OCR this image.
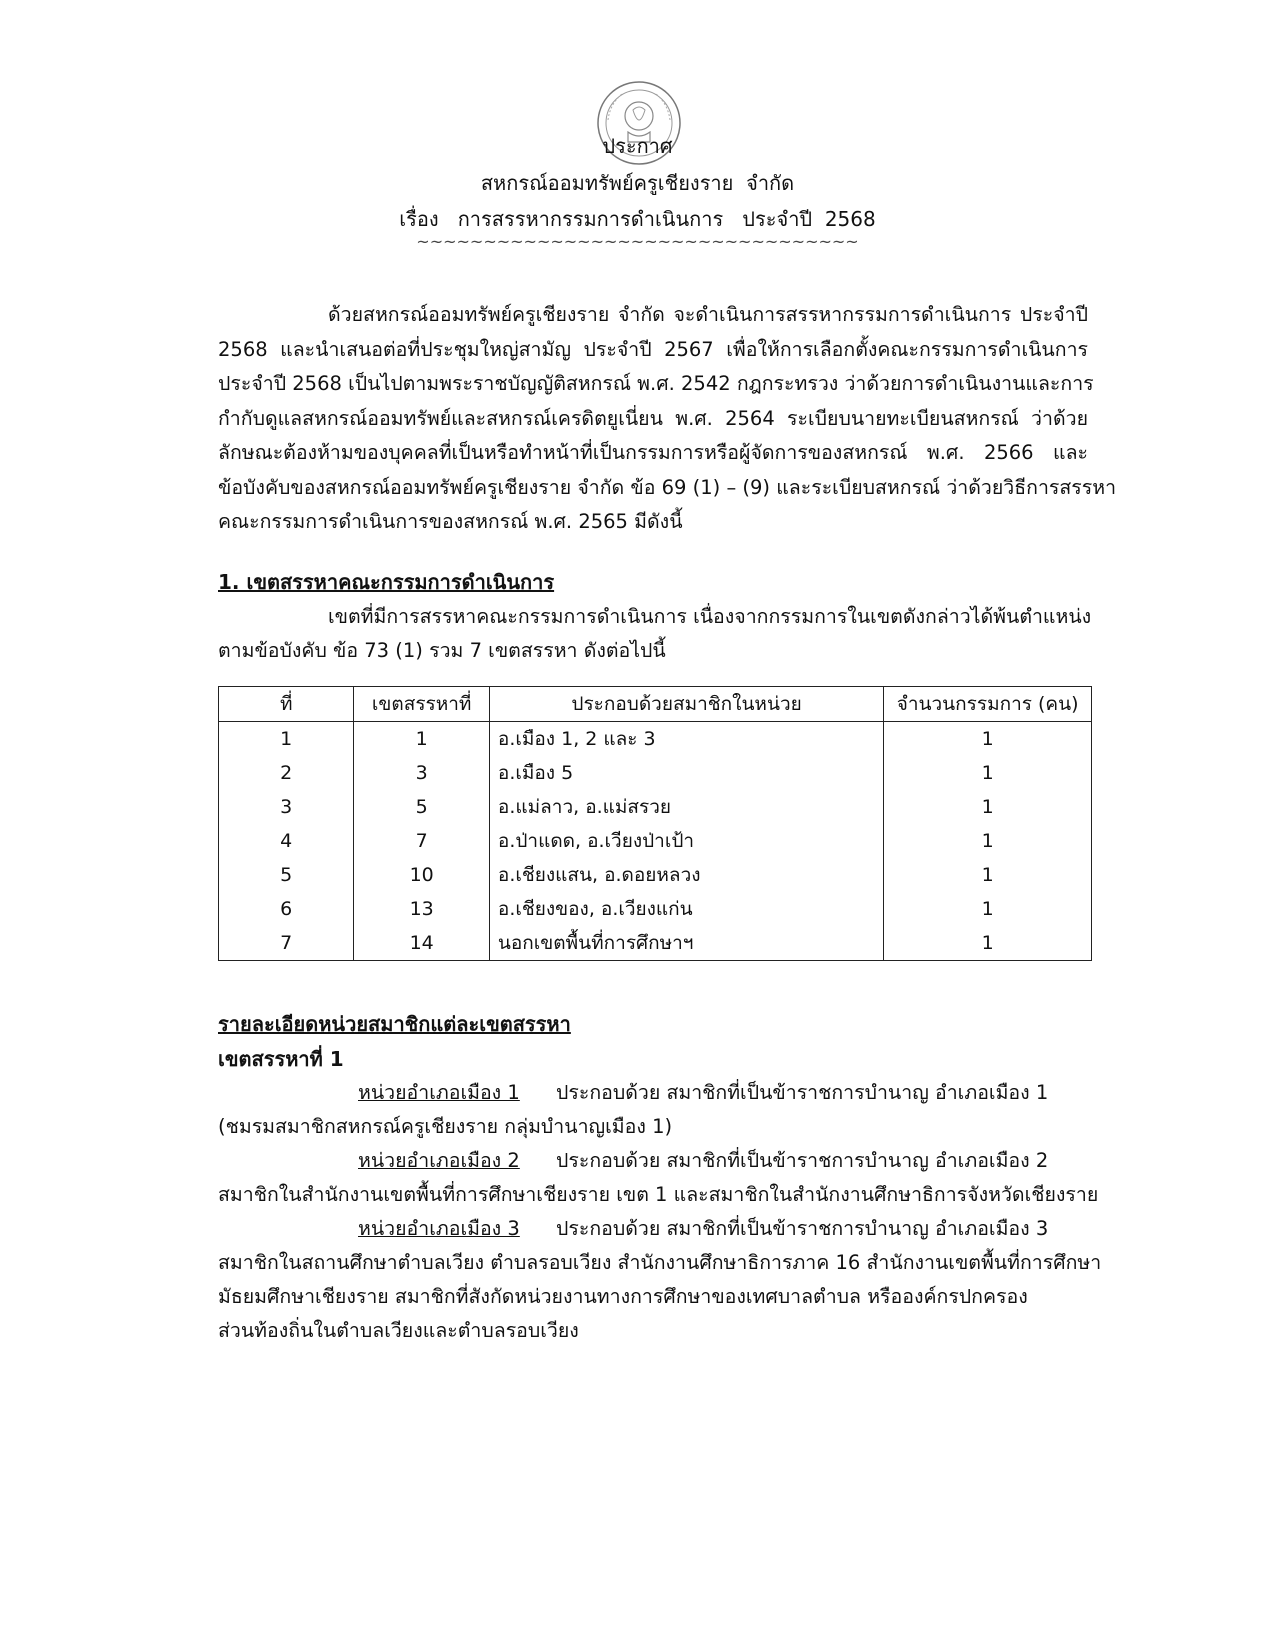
ประกาศ
สหกรณ์ออมทรัพย์ครูเชียงราย  จำกัด
เรื่อง   การสรรหากรรมการดำเนินการ   ประจำปี  2568
~~~~~~~~~~~~~~~~~~~~~~~~~~~~~~~~~
ด้วยสหกรณ์ออมทรัพย์ครูเชียงราย จำกัด จะดำเนินการสรรหากรรมการดำเนินการ ประจำปี
2568 และนำเสนอต่อที่ประชุมใหญ่สามัญ ประจำปี 2567 เพื่อให้การเลือกตั้งคณะกรรมการดำเนินการ
ประจำปี 2568 เป็นไปตามพระราชบัญญัติสหกรณ์ พ.ศ. 2542 กฎกระทรวง ว่าด้วยการดำเนินงานและการ
กำกับดูแลสหกรณ์ออมทรัพย์และสหกรณ์เครดิตยูเนี่ยน พ.ศ. 2564 ระเบียบนายทะเบียนสหกรณ์ ว่าด้วย
ลักษณะต้องห้ามของบุคคลที่เป็นหรือทำหน้าที่เป็นกรรมการหรือผู้จัดการของสหกรณ์ พ.ศ. 2566 และ
ข้อบังคับของสหกรณ์ออมทรัพย์ครูเชียงราย จำกัด ข้อ 69 (1) – (9) และระเบียบสหกรณ์ ว่าด้วยวิธีการสรรหา
คณะกรรมการดำเนินการของสหกรณ์ พ.ศ. 2565 มีดังนี้
1. เขตสรรหาคณะกรรมการดำเนินการ
เขตที่มีการสรรหาคณะกรรมการดำเนินการ เนื่องจากกรรมการในเขตดังกล่าวได้พ้นตำแหน่ง
ตามข้อบังคับ ข้อ 73 (1) รวม 7 เขตสรรหา ดังต่อไปนี้
ที่	เขตสรรหาที่	ประกอบด้วยสมาชิกในหน่วย	จำนวนกรรมการ (คน)
1	1	อ.เมือง 1, 2 และ 3	1
2	3	อ.เมือง 5	1
3	5	อ.แม่ลาว, อ.แม่สรวย	1
4	7	อ.ป่าแดด, อ.เวียงป่าเป้า	1
5	10	อ.เชียงแสน, อ.ดอยหลวง	1
6	13	อ.เชียงของ, อ.เวียงแก่น	1
7	14	นอกเขตพื้นที่การศึกษาฯ	1
รายละเอียดหน่วยสมาชิกแต่ละเขตสรรหา
เขตสรรหาที่ 1
หน่วยอำเภอเมือง 1 ประกอบด้วย สมาชิกที่เป็นข้าราชการบำนาญ อำเภอเมือง 1
(ชมรมสมาชิกสหกรณ์ครูเชียงราย กลุ่มบำนาญเมือง 1)
หน่วยอำเภอเมือง 2 ประกอบด้วย สมาชิกที่เป็นข้าราชการบำนาญ อำเภอเมือง 2
สมาชิกในสำนักงานเขตพื้นที่การศึกษาเชียงราย เขต 1 และสมาชิกในสำนักงานศึกษาธิการจังหวัดเชียงราย
หน่วยอำเภอเมือง 3 ประกอบด้วย สมาชิกที่เป็นข้าราชการบำนาญ อำเภอเมือง 3
สมาชิกในสถานศึกษาตำบลเวียง ตำบลรอบเวียง สำนักงานศึกษาธิการภาค 16 สำนักงานเขตพื้นที่การศึกษา
มัธยมศึกษาเชียงราย สมาชิกที่สังกัดหน่วยงานทางการศึกษาของเทศบาลตำบล หรือองค์กรปกครอง
ส่วนท้องถิ่นในตำบลเวียงและตำบลรอบเวียง
